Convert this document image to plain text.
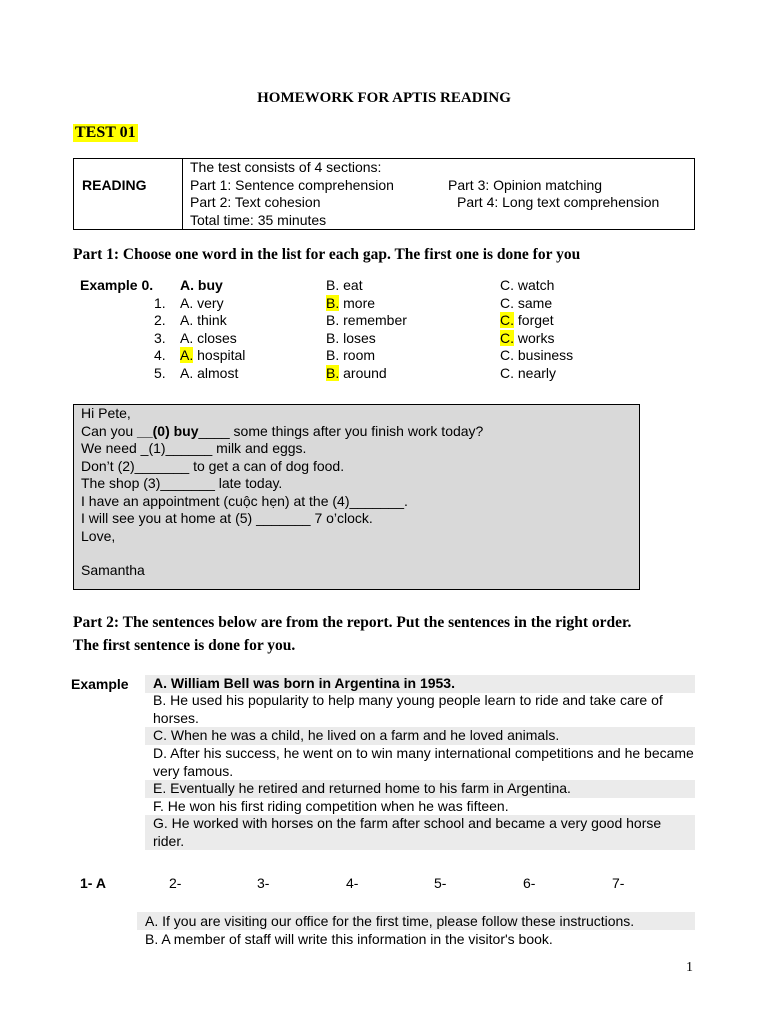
HOMEWORK FOR APTIS READING
TEST 01
READING
The test consists of 4 sections:
Part 1: Sentence comprehension	Part 3: Opinion matching
Part 2: Text cohesion	Part 4: Long text comprehension
Total time: 35 minutes
Part 1: Choose one word in the list for each gap. The first one is done for you
Example 0. A. buy	B. eat	C. watch
1. A. very	B. more	C. same
2. A. think	B. remember	C. forget
3. A. closes	B. loses	C. works
4. A. hospital	B. room	C. business
5. A. almost	B. around	C. nearly
Hi Pete,
Can you __(0) buy____ some things after you finish work today?
We need _(1)______ milk and eggs.
Don’t (2)_______ to get a can of dog food.
The shop (3)_______ late today.
I have an appointment (cuộc hẹn) at the (4)_______.
I will see you at home at (5) _______ 7 o’clock.
Love,
Samantha
Part 2: The sentences below are from the report. Put the sentences in the right order.
The first sentence is done for you.
Example	A. William Bell was born in Argentina in 1953.
B. He used his popularity to help many young people learn to ride and take care of horses.
C. When he was a child, he lived on a farm and he loved animals.
D. After his success, he went on to win many international competitions and he became very famous.
E. Eventually he retired and returned home to his farm in Argentina.
F. He won his first riding competition when he was fifteen.
G. He worked with horses on the farm after school and became a very good horse rider.
1- A	2-	3-	4-	5-	6-	7-
A. If you are visiting our office for the first time, please follow these instructions.
B. A member of staff will write this information in the visitor's book.
1
